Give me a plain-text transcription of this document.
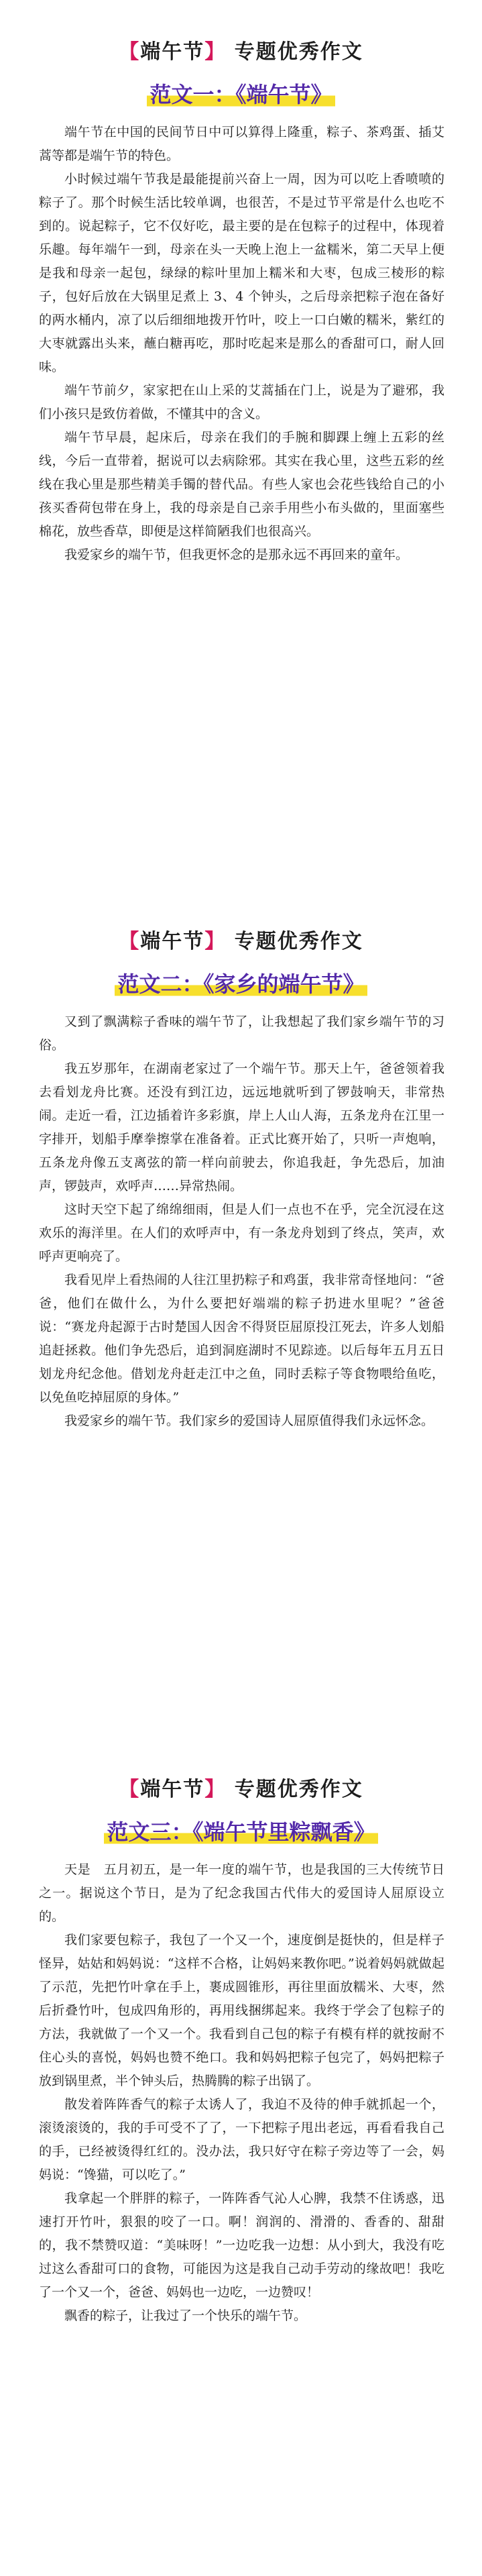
【端午节】 专题优秀作文
范文一：《端午节》

端午节在中国的民间节日中可以算得上隆重，粽子、茶鸡蛋、插艾蒿等都是端午节的特色。

小时候过端午节我是最能提前兴奋上一周，因为可以吃上香喷喷的粽子了。那个时候生活比较单调，也很苦，不是过节平常是什么也吃不到的。说起粽子，它不仅好吃，最主要的是在包粽子的过程中，体现着乐趣。每年端午一到，母亲在头一天晚上泡上一盆糯米，第二天早上便是我和母亲一起包，绿绿的粽叶里加上糯米和大枣，包成三棱形的粽子，包好后放在大锅里足煮上 3、4 个钟头，之后母亲把粽子泡在备好的两水桶内，凉了以后细细地拨开竹叶，咬上一口白嫩的糯米，紫红的大枣就露出头来，蘸白糖再吃，那时吃起来是那么的香甜可口，耐人回味。

端午节前夕，家家把在山上采的艾蒿插在门上，说是为了避邪，我们小孩只是致仿着做，不懂其中的含义。

端午节早晨，起床后，母亲在我们的手腕和脚踝上缠上五彩的丝线，今后一直带着，据说可以去病除邪。其实在我心里，这些五彩的丝线在我心里是那些精美手镯的替代品。有些人家也会花些钱给自己的小孩买香荷包带在身上，我的母亲是自己亲手用些小布头做的，里面塞些棉花，放些香草，即便是这样简陋我们也很高兴。

我爱家乡的端午节，但我更怀念的是那永远不再回来的童年。

【端午节】 专题优秀作文
范文二：《家乡的端午节》

又到了飘满粽子香味的端午节了，让我想起了我们家乡端午节的习俗。

我五岁那年，在湖南老家过了一个端午节。那天上午，爸爸领着我去看划龙舟比赛。还没有到江边，远远地就听到了锣鼓响天，非常热闹。走近一看，江边插着许多彩旗，岸上人山人海，五条龙舟在江里一字排开，划船手摩拳擦掌在准备着。正式比赛开始了，只听一声炮响，五条龙舟像五支离弦的箭一样向前驶去，你追我赶，争先恐后，加油声，锣鼓声，欢呼声……异常热闹。

这时天空下起了绵绵细雨，但是人们一点也不在乎，完全沉浸在这欢乐的海洋里。在人们的欢呼声中，有一条龙舟划到了终点，笑声，欢呼声更响亮了。

我看见岸上看热闹的人往江里扔粽子和鸡蛋，我非常奇怪地问：“爸爸，他们在做什么，为什么要把好端端的粽子扔进水里呢？”爸爸说：“赛龙舟起源于古时楚国人因舍不得贤臣屈原投江死去，许多人划船追赶拯救。他们争先恐后，追到洞庭湖时不见踪迹。以后每年五月五日划龙舟纪念他。借划龙舟赶走江中之鱼，同时丢粽子等食物喂给鱼吃，以免鱼吃掉屈原的身体。”

我爱家乡的端午节。我们家乡的爱国诗人屈原值得我们永远怀念。

【端午节】 专题优秀作文
范文三：《端午节里粽飘香》

天是　五月初五，是一年一度的端午节，也是我国的三大传统节日之一。据说这个节日，是为了纪念我国古代伟大的爱国诗人屈原设立的。

我们家要包粽子，我包了一个又一个，速度倒是挺快的，但是样子怪异，姑姑和妈妈说：“这样不合格，让妈妈来教你吧。”说着妈妈就做起了示范，先把竹叶拿在手上，裹成圆锥形，再往里面放糯米、大枣，然后折叠竹叶，包成四角形的，再用线捆绑起来。我终于学会了包粽子的方法，我就做了一个又一个。我看到自己包的粽子有模有样的就按耐不住心头的喜悦，妈妈也赞不绝口。我和妈妈把粽子包完了，妈妈把粽子放到锅里煮，半个钟头后，热腾腾的粽子出锅了。

散发着阵阵香气的粽子太诱人了，我迫不及待的伸手就抓起一个，滚烫滚烫的，我的手可受不了了，一下把粽子甩出老远，再看看我自己的手，已经被烫得红红的。没办法，我只好守在粽子旁边等了一会，妈妈说：“馋猫，可以吃了。”

我拿起一个胖胖的粽子，一阵阵香气沁人心脾，我禁不住诱惑，迅速打开竹叶，狠狠的咬了一口。啊！润润的、滑滑的、香香的、甜甜的，我不禁赞叹道：“美味呀！”一边吃我一边想：从小到大，我没有吃过这么香甜可口的食物，可能因为这是我自己动手劳动的缘故吧！我吃了一个又一个，爸爸、妈妈也一边吃，一边赞叹！

飘香的粽子，让我过了一个快乐的端午节。
